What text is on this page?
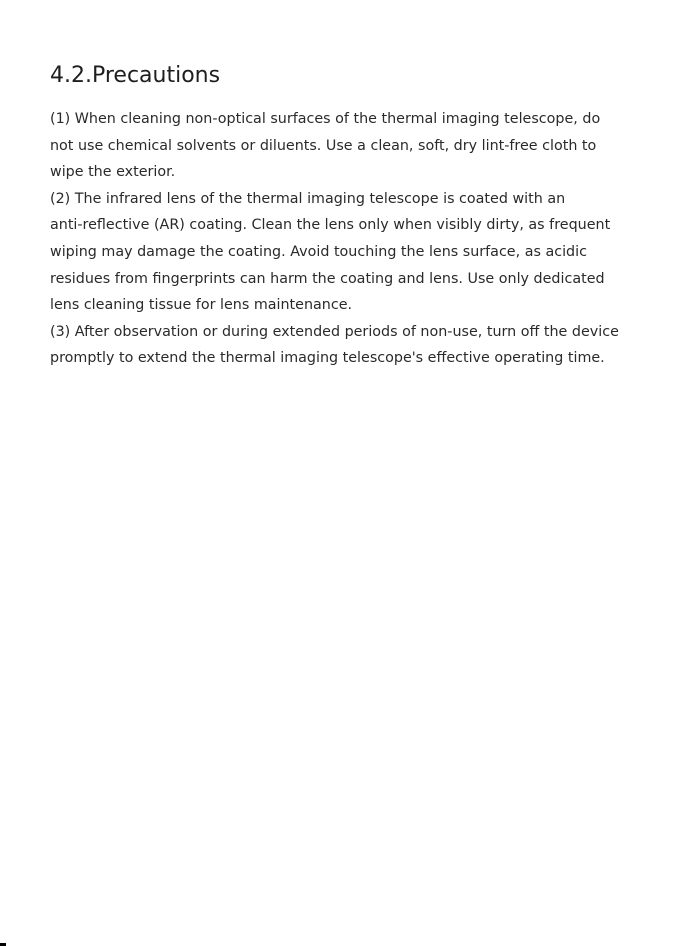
4.2.Precautions
(1) When cleaning non-optical surfaces of the thermal imaging telescope, do
not use chemical solvents or diluents. Use a clean, soft, dry lint-free cloth to
wipe the exterior.
(2) The infrared lens of the thermal imaging telescope is coated with an
anti-reflective (AR) coating. Clean the lens only when visibly dirty, as frequent
wiping may damage the coating. Avoid touching the lens surface, as acidic
residues from fingerprints can harm the coating and lens. Use only dedicated
lens cleaning tissue for lens maintenance.
(3) After observation or during extended periods of non-use, turn off the device
promptly to extend the thermal imaging telescope's effective operating time.
